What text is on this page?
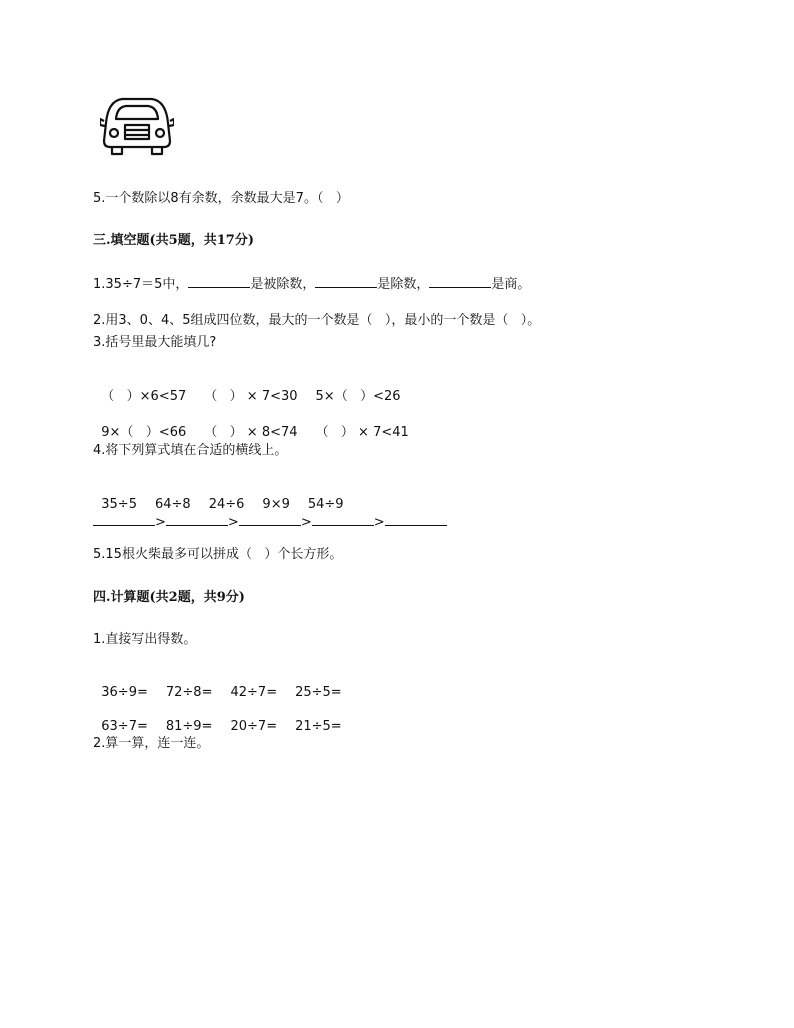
5.一个数除以8有余数，余数最大是7。（   ）
三.填空题(共5题，共17分)
1.35÷7＝5中，	是被除数，	是除数，	是商。
2.用3、0、4、5组成四位数，最大的一个数是（   ），最小的一个数是（   ）。
3.括号里最大能填几?

（   ）×6<57 （   ） × 7<30 5×（   ）<26

9×（   ）<66 （   ） × 8<74 （   ） × 7<41

4.将下列算式填在合适的横线上。

35÷5 64÷8 24÷6 9×9 54÷9

>	>	>	>
5.15根火柴最多可以拼成（   ）个长方形。
四.计算题(共2题，共9分)
1.直接写出得数。

36÷9= 72÷8= 42÷7= 25÷5=

63÷7= 81÷9= 20÷7= 21÷5=

2.算一算，连一连。
